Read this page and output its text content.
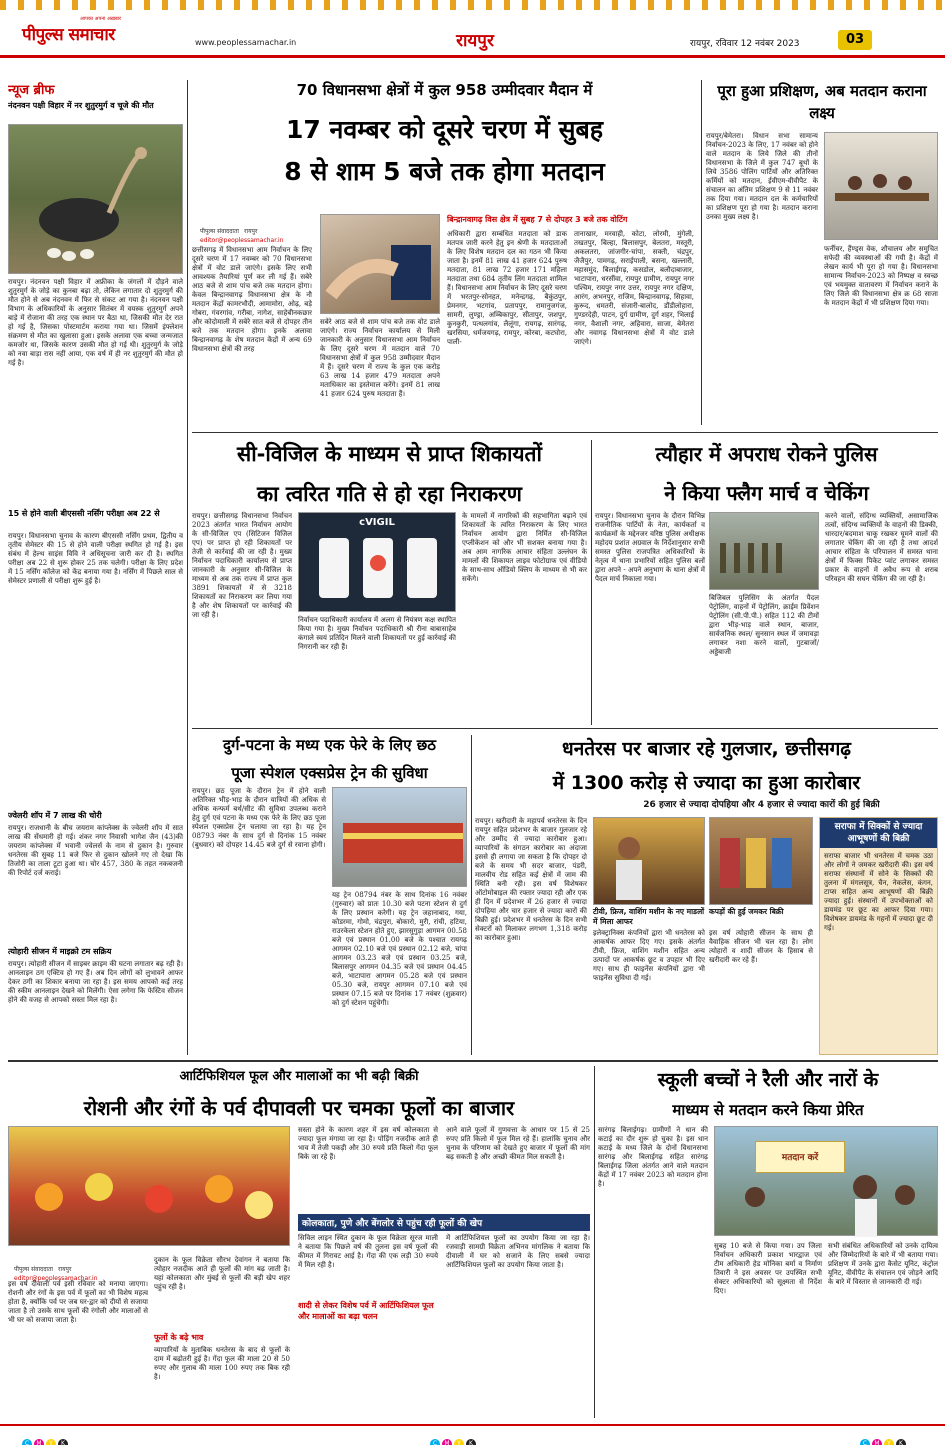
आपका अपना अख़बार
पीपुल्स समाचार	www.peoplessamachar.in	रायपुर	रायपुर, रविवार 12 नवंबर 2023	03
न्यूज ब्रीफ
नंदनवन पक्षी विहार में नर शुतुरमुर्ग व चूजे की मौत
रायपुर। नंदनवन पक्षी विहार में अफ्रीका के जंगलों में दौड़ने वाले शुतुरमुर्ग के जोड़े का कुनबा बढ़ा तो, लेकिन लगातार दो शुतुरमुर्ग की मौत होने से अब नंदनवन में फिर से संकट आ गया है। नंदनवन पक्षी विभाग के अधिकारियों के अनुसार सितंबर में वयस्क शुतुरमुर्ग अपने बाड़े में रोजाना की तरह एक स्थान पर बैठा था, जिसकी मौत देर रात हो गई है, जिसका पोस्टमार्टम कराया गया था। जिसमें इंफ्लेशन संक्रमण से मौत का खुलासा हुआ। इसके अलावा एक बच्चा जन्मजात कमजोर था, जिसके कारण उसकी मौत हो गई थी। शुतुरमुर्ग के जोड़े को नवा बाड़ा रास नहीं आया, एक वर्ष में ही नर शुतुरमुर्ग की मौत हो गई है।
15 से होने वाली बीएससी नर्सिंग परीक्षा अब 22 से
रायपुर। विधानसभा चुनाव के कारण बीएससी नर्सिंग प्रथम, द्वितीय व तृतीय सेमेस्टर की 15 से होने वाली परीक्षा स्थगित हो गई है। इस संबंध में हेल्थ साइंस विवि ने अधिसूचना जारी कर दी है। स्थगित परीक्षा अब 22 से शुरू होकर 25 तक चलेगी। परीक्षा के लिए प्रदेश में 15 नर्सिंग कॉलेज को केंद्र बनाया गया है। नर्सिंग में पिछले साल से सेमेस्टर प्रणाली से परीक्षा शुरू हुई है।
ज्वेलरी शॉप में 7 लाख की चोरी
रायपुर। राजधानी के बीच जयराम कांप्लेक्स के ज्वेलरी शॉप में सात लाख की सेंधमारी हो गई। शंकर नगर निवासी भागेश जैन (43)की जयराम कांप्लेक्स में भवानी ज्वेलर्स के नाम से दुकान है। गुरुवार धनतेरस की सुबह 11 बजे फिर से दुकान खोलने गए तो देखा कि तिजोरी का ताला टूटा हुआ था। चोर 457, 380 के तहत नकबजनी की रिपोर्ट दर्ज कराई।
त्योहारी सीजन में माइक्रो टम सक्रिय
रायपुर। त्योहारी सीजन में साइबर क्राइम की घटना लगातार बढ़ रही है। आनलाइन ठग एक्टिव हो गए हैं। अब दिन लोगों को लुभावने आफर देकर ठगी का शिकार बनाया जा रहा है। इस समय आपको कई तरह की स्कीम आनलाइन देखने को मिलेंगी। ऐसा लगेगा कि फेस्टिव सीजन होने की वजह से आपको सस्ता मिल रहा है।
70 विधानसभा क्षेत्रों में कुल 958 उम्मीदवार मैदान में
17 नवम्बर को दूसरे चरण में सुबह
8 से शाम 5 बजे तक होगा मतदान
पीपुल्स संवाददाता रायपुर
editor@peoplessamachar.in
छत्तीसगढ़ में विधानसभा आम निर्वाचन के लिए दूसरे चरण में 17 नवम्बर को 70 विधानसभा क्षेत्रों में वोट डाले जाएंगे। इसके लिए सभी आवश्यक तैयारियां पूर्ण कर ली गई हैं। सबेरे आठ बजे से शाम पांच बजे तक मतदान होगा। केवल बिन्द्रानवागढ़ विधानसभा क्षेत्र के नौ मतदान केंद्रों कामरभौदी, आमामोरा, ओढ़, बड़े गोबरा, गंवरगांव, गरीबा, नागेश, साहेबीनकछार और कोदोमाली में सबेरे सात बजे से दोपहर तीन बजे तक मतदान होगा। इनके अलावा बिन्द्रानवागढ़ के शेष मतदान केंद्रों में अन्य 69 विधानसभा क्षेत्रों की तरह
सबेरे आठ बजे से शाम पांच बजे तक वोट डाले जाएंगे। राज्य निर्वाचन कार्यालय से मिली जानकारी के अनुसार विधानसभा आम निर्वाचन के लिए दूसरे चरण में मतदान वाले 70 विधानसभा क्षेत्रों में कुल 958 उम्मीदवार मैदान में हैं। दूसरे चरण में राज्य के कुल एक करोड़ 63 लाख 14 हजार 479 मतदाता अपने मताधिकार का इस्तेमाल करेंगे। इनमें 81 लाख 41 हजार 624 पुरुष मतदाता हैं।
बिन्द्रानवागढ़ विस क्षेत्र में सुबह 7 से दोपहर 3 बजे तक वोटिंग
अधिकारी द्वारा सम्बंधित मतदाता को डाक मतपत्र जारी करने हेतु इन श्रेणी के मतदाताओं के लिए विशेष मतदान दल का गठन भी किया जाता है। इनमें 81 लाख 41 हजार 624 पुरुष मतदाता, 81 लाख 72 हजार 171 महिला मतदाता तथा 684 तृतीय लिंग मतदाता शामिल हैं। विधानसभा आम निर्वाचन के लिए दूसरे चरण में भरतपुर-सोनहत, मनेन्द्रगढ़, बैकुंठपुर, प्रेमनगर, भटगांव, प्रतापपुर, रामानुजगंज, सामरी, लुण्ड्रा, अम्बिकापुर, सीतापुर, जशपुर, कुनकुरी, पत्थलगांव, लैलूंगा, रायगढ़, सारंगढ़, खरसिया, धर्मजयगढ़, रामपुर, कोरबा, कटघोरा, पाली-
तानाखार, मरवाही, कोटा, लोरमी, मुंगेली, तखतपुर, बिल्हा, बिलासपुर, बेलतरा, मस्तूरी, अकलतरा, जांजगीर-चांपा, सक्ती, चंद्रपुर, जैजैपुर, पामगढ़, सराईपाली, बसना, खल्लारी, महासमुंद, बिलाईगढ़, कसडोल, बलौदाबाजार, भाटापारा, धरसींवा, रायपुर ग्रामीण, रायपुर नगर पश्चिम, रायपुर नगर उत्तर, रायपुर नगर दक्षिण, आरंग, अभनपुर, राजिम, बिन्द्रानवागढ़, सिहावा, कुरूद, धमतरी, संजारी-बालोद, डौंडीलोहारा, गुण्डरदेही, पाटन, दुर्ग ग्रामीण, दुर्ग शहर, भिलाई नगर, वैशाली नगर, अहिवारा, साजा, बेमेतरा और नवागढ़ विधानसभा क्षेत्रों में वोट डाले जाएंगे।
पूरा हुआ प्रशिक्षण, अब मतदान कराना लक्ष्य
रायपुर/बेमेतरा। विधान सभा सामान्य निर्वाचन-2023 के लिए, 17 नवंबर को होने वाले मतदान के लिये जिले की तीनों विधानसभा के जिले में कुल 747 बूथों के लिये 3586 पोलिंग पार्टियों और अतिरिक्त कर्मियों को मतदान, ईवीएम-वीवीपैट के संचालन का अंतिम प्रशिक्षण 9 से 11 नवंबर तक दिया गया। मतदान दल के कर्मचारियों का प्रशिक्षण पूरा हो गया है। मतदान कराना उनका मुख्य लक्ष्य है।
फर्नीचर, हैंण्ड्स वेक, शौचालय और समुचित सफेदी की व्यवस्थाओं की गयी है। केंद्रों में लेखन कार्य भी पूरा हो गया है। विधानसभा सामान्य निर्वाचन-2023 को निष्पक्ष व स्वच्छ एवं भयमुक्त वातावरण में निर्वाचन कराने के लिए जिले की विधानसभा क्षेत्र क्र 68 साजा के मतदान केंद्रों में भी प्रशिक्षण दिया गया।
सी-विजिल के माध्यम से प्राप्त शिकायतों
का त्वरित गति से हो रहा निराकरण
रायपुर। छत्तीसगढ़ विधानसभा निर्वाचन 2023 अंतर्गत भारत निर्वाचन आयोग के सी-विजिल एप (सिटिजन विजिल एप) पर प्राप्त हो रही शिकायतों पर तेजी से कार्रवाई की जा रही है। मुख्य निर्वाचन पदाधिकारी कार्यालय से प्राप्त जानकारी के अनुसार सी-विजिल के माध्यम से अब तक राज्य में प्राप्त कुल 3891 शिकायतों में से 3218 शिकायतों का निराकरण कर लिया गया है और शेष शिकायतों पर कार्रवाई की जा रही है।
cVIGIL
निर्वाचन पदाधिकारी कार्यालय में अलग से नियंत्रण कक्ष स्थापित किया गया है। मुख्य निर्वाचन पदाधिकारी श्री रीना बाबासाहेब कंगाले स्वयं प्रतिदिन मिलने वाली शिकायतों पर हुई कार्रवाई की निगरानी कर रही हैं।
के मामलों में नागरिकों की सहभागिता बढ़ाने एवं शिकायतों के त्वरित निराकरण के लिए भारत निर्वाचन आयोग द्वारा निर्मित सी-विजिल एप्लीकेशन को और भी सशक्त बनाया गया है। अब आम नागरिक आचार संहिता उल्लंघन के मामलों की शिकायत लाइव फोटोग्राफ एवं वीडियो के साथ-साथ ऑडियो क्लिप के माध्यम से भी कर सकेंगे।
त्यौहार में अपराध रोकने पुलिस
ने किया फ्लैग मार्च व चेकिंग
रायपुर। विधानसभा चुनाव के दौरान विभिन्न राजनीतिक पार्टियों के नेता, कार्यकर्ता व कार्यक्रमों के मद्देनजर वरिष्ठ पुलिस अधीक्षक महोदय प्रशांत अग्रवाल के निर्देशानुसार सभी समस्त पुलिस राजपत्रित अधिकारियों के नेतृत्व में थाना प्रभारियों सहित पुलिस बलों द्वारा अपने - अपने अनुभाग के थाना क्षेत्रों में पैदल मार्च निकाला गया।
बिजिबल पुलिसिंग के अंतर्गत पैदल पेट्रोलिंग, वाहनों में पेट्रोलिंग, क्राईम प्रिवेंशन पेट्रोलिंग (सी.पी.पी.) सहित 112 की टीमों द्वारा भीड़-भाड़ वाले स्थान, बाजार, सार्वजनिक स्थल/ सुनसान स्थल में जमावड़ा लगाकर नशा करने वालों, गुटबाजों/ अड्डेबाजी
करने वालों, संदिग्ध व्यक्तियों, असामाजिक तत्वों, संदिग्ध व्यक्तियों के वाहनों की डिक्की, धारदार/बदमाश चाकू रखकर घूमने वालों की लगातार चेकिंग की जा रही है तथा आदर्श आचार संहिता के परिपालन में समस्त थाना क्षेत्रों में फिक्स पिकेट प्वांट लगाकर समस्त प्रकार के वाहनों में अवैध रूप से शराब परिवहन की सघन चेकिंग की जा रही है।
दुर्ग-पटना के मध्य एक फेरे के लिए छठ
पूजा स्पेशल एक्सप्रेस ट्रेन की सुविधा
रायपुर। छठ पूजा के दौरान ट्रेन में होने वाली अतिरिक्त भीड़-भाड़ के दौरान यात्रियों की अधिक से अधिक कन्फर्म बर्थ/सीट की सुविधा उपलब्ध कराने हेतु दुर्ग एवं पटना के मध्य एक फेरे के लिए छठ पूजा स्पेशल एक्सप्रेस ट्रेन चलाया जा रहा है। यह ट्रेन 08793 नंबर के साथ दुर्ग से दिनांक 15 नवंबर (बुधवार) को दोपहर 14.45 बजे दुर्ग से रवाना होगी।
यह ट्रेन 08794 नंबर के साथ दिनांक 16 नवंबर (गुरुवार) को प्रातः 10.30 बजे पटना स्टेशन से दुर्ग के लिए प्रस्थान करेगी। यह ट्रेन जहानाबाद, गया, कोडरमा, गोमो, चंद्रपुरा, बोकारो, मुरी, रांची, हटिया, राउरकेला स्टेशन होते हुए, झारसुगुड़ा आगमन 00.58 बजे एवं प्रस्थान 01.00 बजे के पश्चात रायगढ़ आगमन 02.10 बजे एवं प्रस्थान 02.12 बजे, चांपा आगमन 03.23 बजे एवं प्रस्थान 03.25 बजे, बिलासपुर आगमन 04.35 बजे एवं प्रस्थान 04.45 बजे, भाटापारा आगमन 05.28 बजे एवं प्रस्थान 05.30 बजे, रायपुर आगमन 07.10 बजे एवं प्रस्थान 07.15 बजे पर दिनांक 17 नवंबर (शुक्रवार) को दुर्ग स्टेशन पहुंचेगी।
धनतेरस पर बाजार रहे गुलजार, छत्तीसगढ़
में 1300 करोड़ से ज्यादा का हुआ कारोबार
26 हजार से ज्यादा दोपहिया और 4 हजार से ज्यादा कारों की हुई बिक्री
रायपुर। खरीदारी के महापर्व धनतेरस के दिन रायपुर सहित प्रदेशभर के बाजार गुलजार रहे और उम्मीद से ज्यादा कारोबार हुआ। व्यापारियों के संगठन कारोबार का अंदाजा इससे ही लगाया जा सकता है कि दोपहर दो बजे के समय भी सदर बाजार, पंडरी, मालवीय रोड सहित कई क्षेत्रों में जाम की स्थिति बनी रही। इस वर्ष विशेषकर ऑटोमोबाइल की रफ्तार ज्यादा रही और एक ही दिन में प्रदेशभर में 26 हजार से ज्यादा दोपहिया और चार हजार से ज्यादा कारों की बिक्री हुई। प्रदेशभर में धनतेरस के दिन सभी सेक्टरों को मिलाकर लगभग 1,318 करोड़ का कारोबार हुआ।
टीवी, फ्रिज, वाशिंग मशीन के नए माडलों में मिला आफर
इलेक्ट्रानिक्स कंपनियों द्वारा भी धनतेरस को आकर्षक आफर दिए गए। इसके अंतर्गत टीवी, फ्रिज, वाशिंग मशीन सहित अन्य उत्पादों पर आकर्षक छूट व उपहार भी दिए गए। साथ ही फाइनेंस कंपनियों द्वारा भी फाइनेंस सुविधा दी गई।
कपड़ों की हुई जमकर बिक्री
इस वर्ष त्योहारी सीजन के साथ ही वैवाहिक सीजन भी चल रहा है। लोग त्योहारों व शादी सीजन के हिसाब से खरीदारी कर रहे हैं।
सराफा में सिक्कों से ज्यादा आभूषणों की बिक्री
सराफा बाजार भी धनतेरस में चमक उठा और लोगों ने जमकर खरीदारी की। इस वर्ष सराफा संस्थानों में सोने के सिक्कों की तुलना में मंगलसूत्र, चैन, नेकलेस, कंगन, टाप्स सहित अन्य आभूषणों की बिक्री ज्यादा हुई। संस्थानों में उपभोक्ताओं को डायमंड पर छूट का आफर दिया गया। विशेषकर डायमंड के गहनों में ज्यादा छूट दी गई।
आर्टिफिशियल फूल और मालाओं का भी बढ़ी बिक्री
रोशनी और रंगों के पर्व दीपावली पर चमका फूलों का बाजार
पीपुल्स संवाददाता रायपुर
editor@peoplessamachar.in
इस वर्ष दीवाली पर्व इसी रविवार को मनाया जाएगा। रोशनी और रंगों के इस पर्व में फूलों का भी विशेष महत्व होता है, क्योंकि पर्व पर जब घर-द्वार को दीयों से सजाया जाता है तो उसके साथ फूलों की रंगोली और मालाओं से भी घर को सजाया जाता है।
दुकान के फूल विक्रेता सौरभ देवांगन ने बताया कि त्योहार नजदीक आते ही फूलों की मांग बढ़ जाती है। यहां कोलकाता और मुंबई से फूलों की बड़ी खेप शहर पहुंच रही है।
फूलों के बढ़े भाव
व्यापारियों के मुताबिक धनतेरस के बाद से फूलों के दाम में बढ़ोतरी हुई है। गेंदा फूल की माला 20 से 50 रुपए और गुलाब की माला 100 रुपए तक बिक रही है।
सस्ता होने के कारण शहर में इस वर्ष कोलकाता से ज्यादा फूल मंगाया जा रहा है। पोड़िंग नजदीक आते ही भाव में तेजी पकड़ी और 30 रुपये प्रति किलो गेंदा फूल बिके जा रहे हैं।
आने वाले फूलों में गुणवत्ता के आधार पर 15 से 25 रुपए प्रति किलो में फूल मिल रहे हैं। हालांकि चुनाव और चुनाव के परिणाम को देखते हुए बाजार में फूलों की मांग बढ़ सकती है और अच्छी कीमत मिल सकती है।
कोलकाता, पुणे और बेंगलोर से पहुंच रही फूलों की खेप
सिविल लाइन स्थित दुकान के फूल विक्रेता सूरज माली ने बताया कि पिछले वर्ष की तुलना इस वर्ष फूलों की कीमत में गिरावट आई है। गेंदा की एक लड़ी 30 रुपये में मिल रही है।
शादी से लेकर विशेष पर्व में आर्टिफिशियल फूल और मालाओं का बढ़ा चलन
में आर्टिफिशियल फूलों का उपयोग किया जा रहा है। रजवाड़ी सामग्री विक्रेता अभिनव मांगलिक ने बताया कि दीवाली में घर को सजाने के लिए सबसे ज्यादा आर्टिफिशियल फूलों का उपयोग किया जाता है।
स्कूली बच्चों ने रैली और नारों के
माध्यम से मतदान करने किया प्रेरित
सारंगढ़ बिलाईगढ़। ग्रामीणों ने धान की कटाई का दौर शुरू हो चुका है। इस धान कटाई के मध्य जिले के दोनों विधानसभा सारंगढ़ और बिलाईगढ़ सहित सारंगढ़ बिलाईगढ़ जिला अंतर्गत आने वाले मतदान केंद्रों में 17 नवंबर 2023 को मतदान होना है।
मतदान करें
सुबह 10 बजे से किया गया। उप जिला निर्वाचन अधिकारी प्रकाश भारद्वाज एवं टीम अधिकारी हेड मोनिका बर्मा व निर्माण तिवारी ने इस अवसर पर उपस्थित सभी सेक्टर अधिकारियों को सूक्ष्मता से निर्देश दिए।
सभी संबंधित अधिकारियों को उनके दायित्व और जिम्मेदारियों के बारे में भी बताया गया। प्रशिक्षण में उनके द्वारा कैसेट यूनिट, कंट्रोल यूनिट, वीवीपैट के संचालन एवं जोड़ने आदि के बारे में विस्तार से जानकारी दी गई।
C M Y K	C M Y K	C M Y K
